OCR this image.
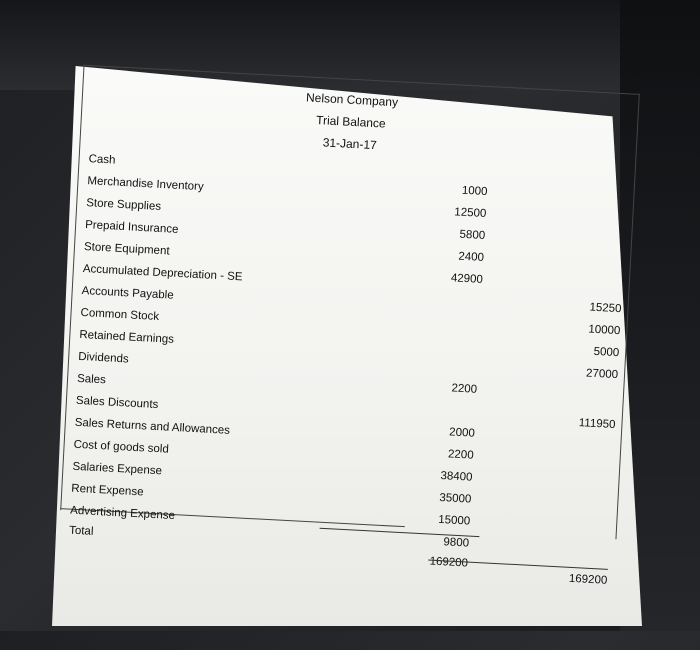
Nelson Company
Trial Balance
31-Jan-17
Cash
1000
Merchandise Inventory
12500
Store Supplies
5800
Prepaid Insurance
2400
Store Equipment
42900
Accumulated Depreciation - SE
15250
Accounts Payable
10000
Common Stock
5000
Retained Earnings
27000
Dividends
2200
Sales
111950
Sales Discounts
2000
Sales Returns and Allowances
2200
Cost of goods sold
38400
Salaries Expense
35000
Rent Expense
15000
Advertising Expense
9800
Total
169200
169200
